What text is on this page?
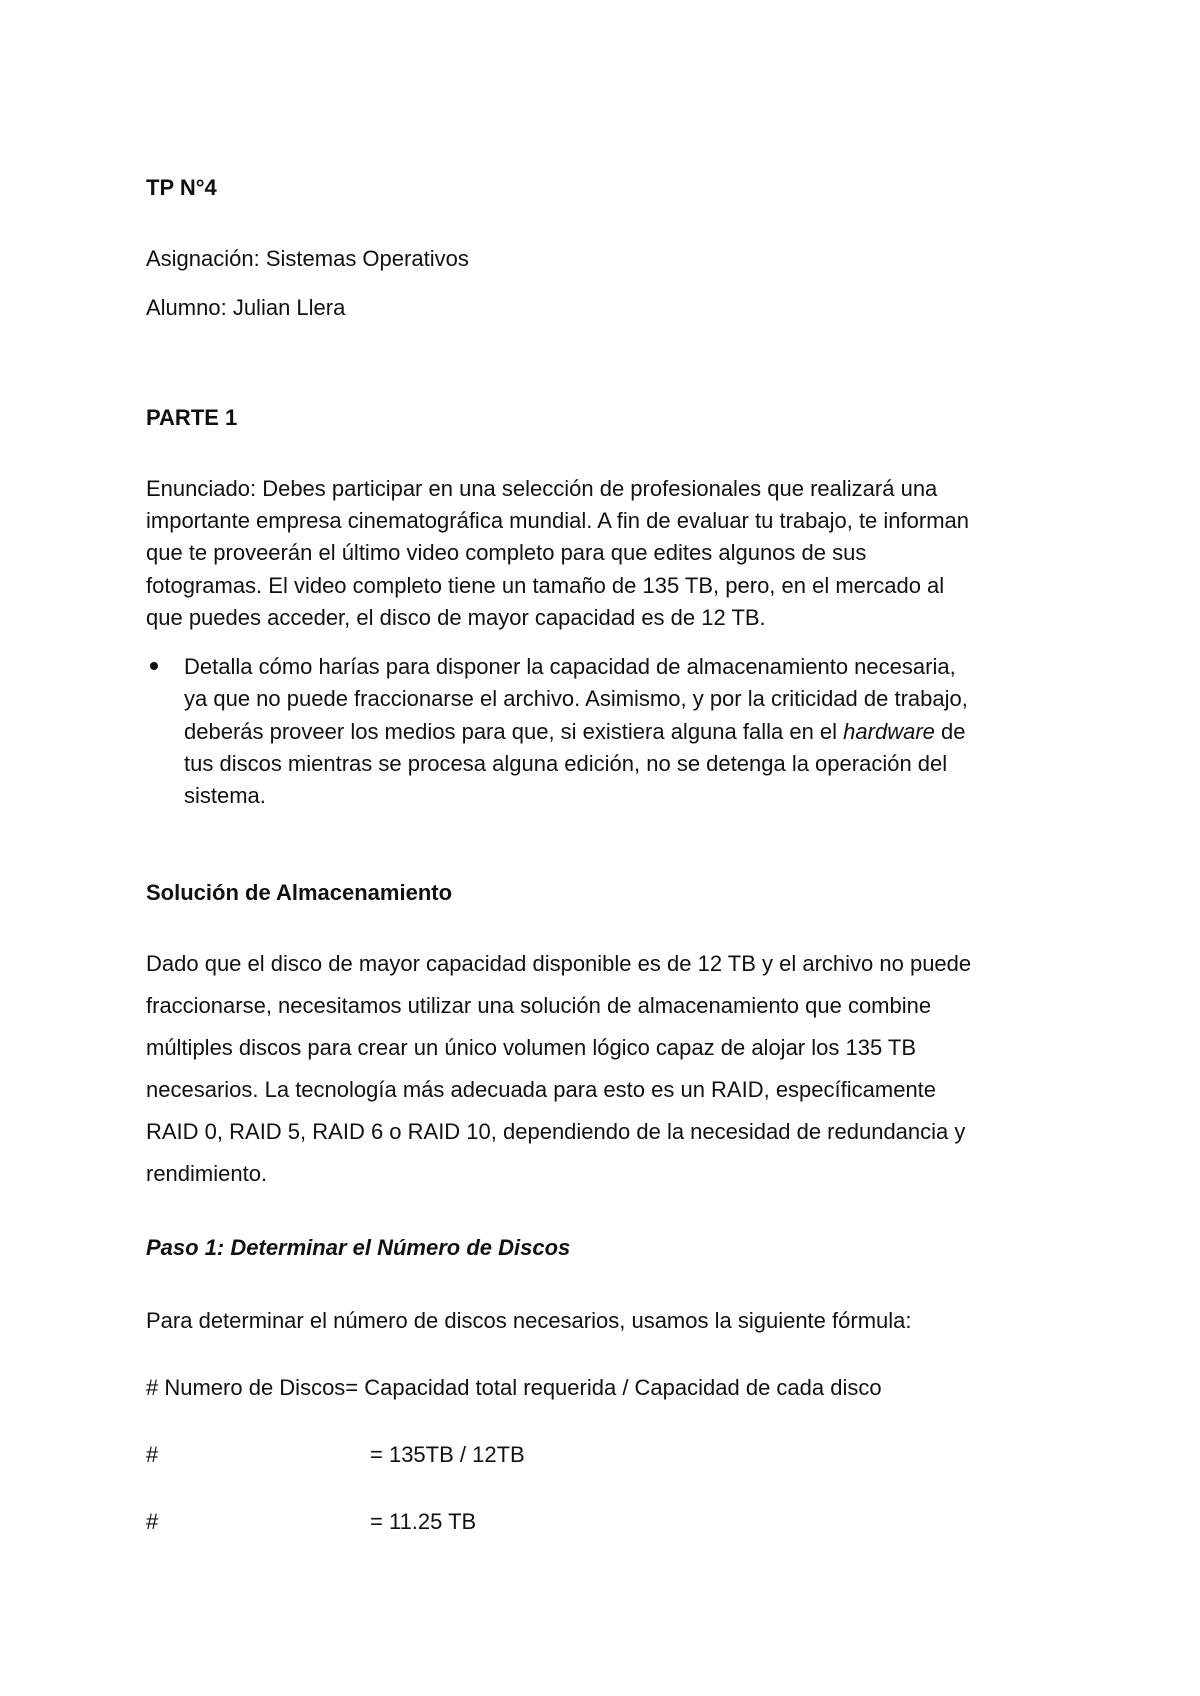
TP N°4
Asignación: Sistemas Operativos
Alumno: Julian Llera
PARTE 1
Enunciado: Debes participar en una selección de profesionales que realizará una
importante empresa cinematográfica mundial. A fin de evaluar tu trabajo, te informan
que te proveerán el último video completo para que edites algunos de sus
fotogramas. El video completo tiene un tamaño de 135 TB, pero, en el mercado al
que puedes acceder, el disco de mayor capacidad es de 12 TB.
Detalla cómo harías para disponer la capacidad de almacenamiento necesaria,
ya que no puede fraccionarse el archivo. Asimismo, y por la criticidad de trabajo,
deberás proveer los medios para que, si existiera alguna falla en el hardware de
tus discos mientras se procesa alguna edición, no se detenga la operación del
sistema.
Solución de Almacenamiento
Dado que el disco de mayor capacidad disponible es de 12 TB y el archivo no puede
fraccionarse, necesitamos utilizar una solución de almacenamiento que combine
múltiples discos para crear un único volumen lógico capaz de alojar los 135 TB
necesarios. La tecnología más adecuada para esto es un RAID, específicamente
RAID 0, RAID 5, RAID 6 o RAID 10, dependiendo de la necesidad de redundancia y
rendimiento.
Paso 1: Determinar el Número de Discos
Para determinar el número de discos necesarios, usamos la siguiente fórmula:
# Numero de Discos= Capacidad total requerida / Capacidad de cada disco
#	= 135TB / 12TB
#	= 11.25 TB
